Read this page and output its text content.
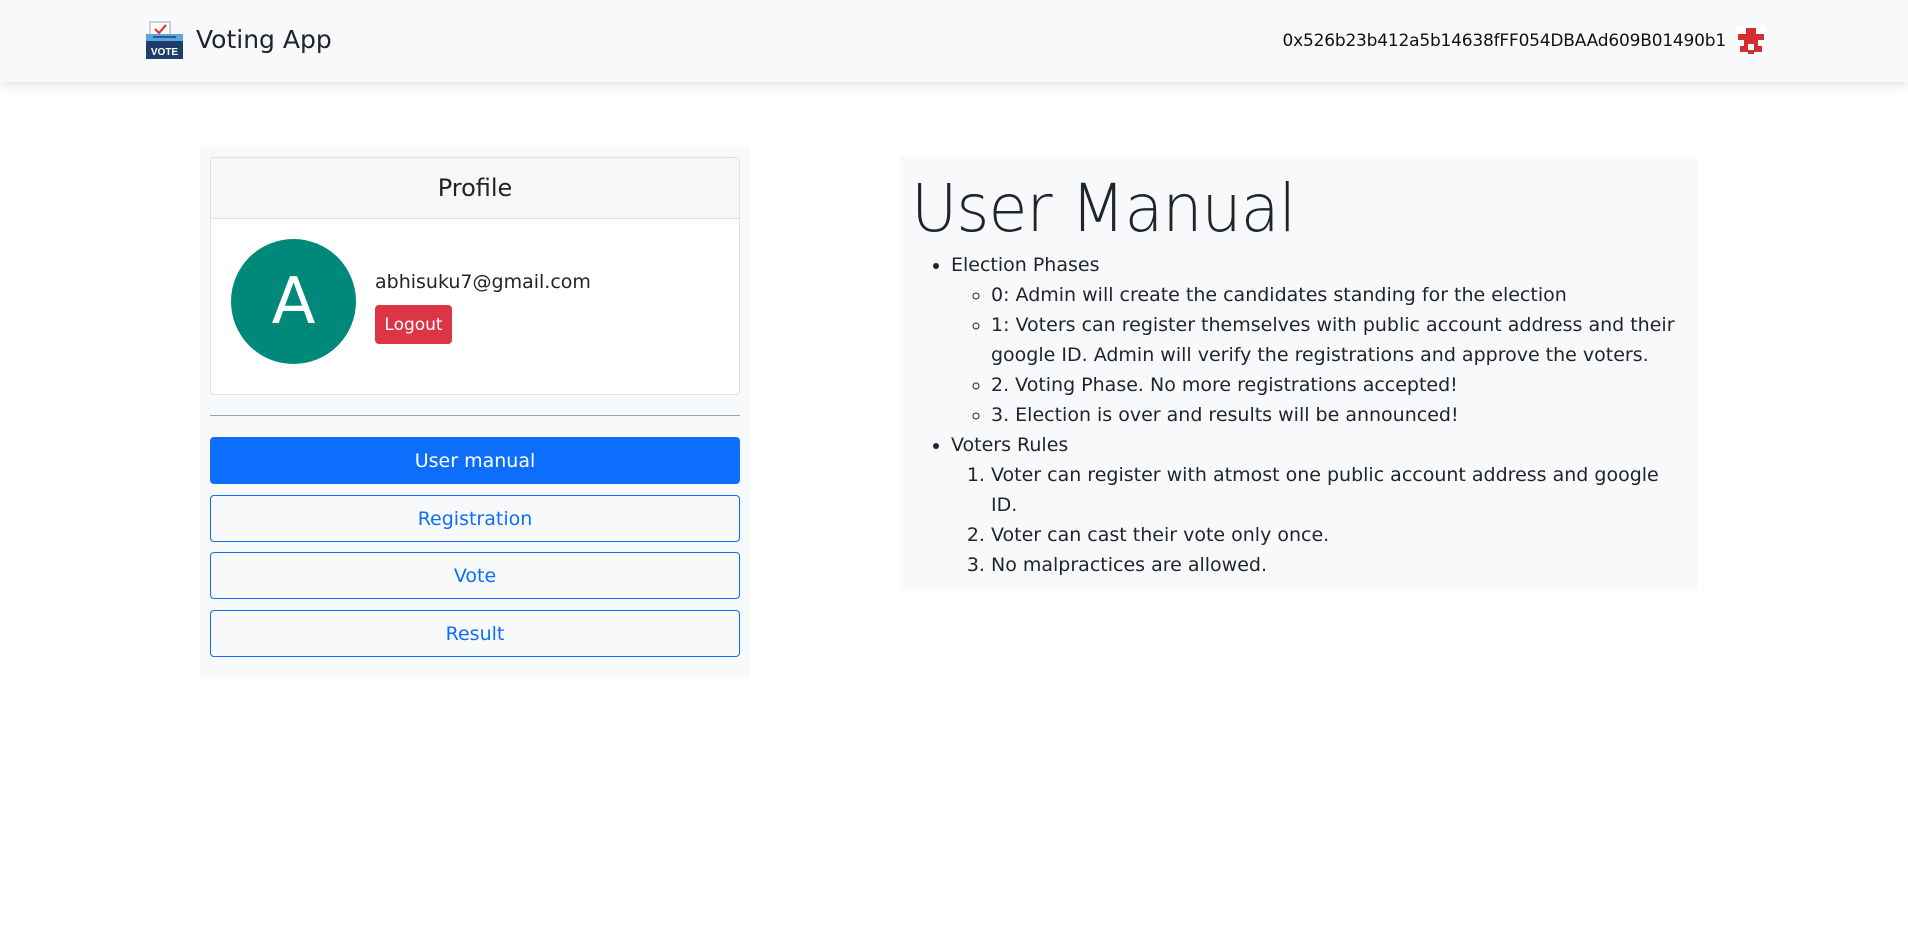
VOTE Voting App	0x526b23b412a5b14638fFF054DBAAd609B01490b1
Profile
A	abhisuku7@gmail.com
Logout
User manual
Registration
Vote
Result
User Manual
• Election Phases
◦ 0: Admin will create the candidates standing for the election
◦ 1: Voters can register themselves with public account address and their google ID. Admin will verify the registrations and approve the voters.
◦ 2. Voting Phase. No more registrations accepted!
◦ 3. Election is over and results will be announced!
• Voters Rules
1. Voter can register with atmost one public account address and google ID.
2. Voter can cast their vote only once.
3. No malpractices are allowed.
